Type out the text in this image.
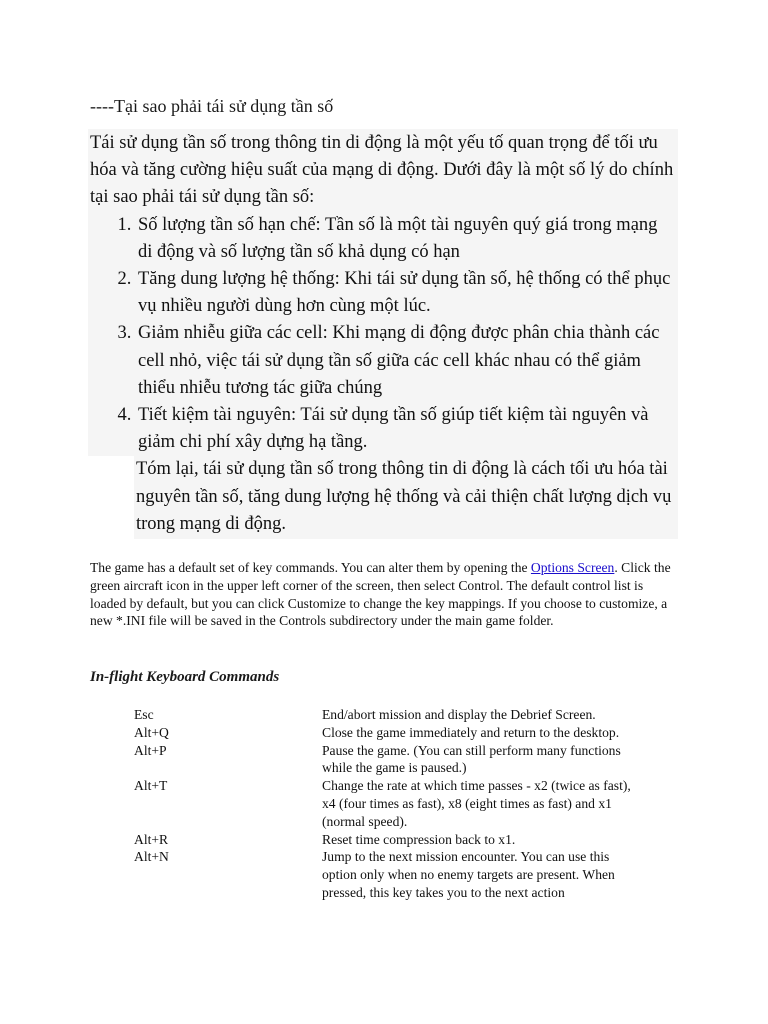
----Tại sao phải tái sử dụng tần số

Tái sử dụng tần số trong thông tin di động là một yếu tố quan trọng để tối ưu hóa và tăng cường hiệu suất của mạng di động. Dưới đây là một số lý do chính tại sao phải tái sử dụng tần số:

1. Số lượng tần số hạn chế: Tần số là một tài nguyên quý giá trong mạng di động và số lượng tần số khả dụng có hạn
2. Tăng dung lượng hệ thống: Khi tái sử dụng tần số, hệ thống có thể phục vụ nhiều người dùng hơn cùng một lúc.
3. Giảm nhiễu giữa các cell: Khi mạng di động được phân chia thành các cell nhỏ, việc tái sử dụng tần số giữa các cell khác nhau có thể giảm thiểu nhiễu tương tác giữa chúng
4. Tiết kiệm tài nguyên: Tái sử dụng tần số giúp tiết kiệm tài nguyên và giảm chi phí xây dựng hạ tầng.

Tóm lại, tái sử dụng tần số trong thông tin di động là cách tối ưu hóa tài nguyên tần số, tăng dung lượng hệ thống và cải thiện chất lượng dịch vụ trong mạng di động.

The game has a default set of key commands. You can alter them by opening the Options Screen. Click the green aircraft icon in the upper left corner of the screen, then select Control. The default control list is loaded by default, but you can click Customize to change the key mappings. If you choose to customize, a new *.INI file will be saved in the Controls subdirectory under the main game folder.
In-flight Keyboard Commands
Esc	End/abort mission and display the Debrief Screen.
Alt+Q	Close the game immediately and return to the desktop.
Alt+P	Pause the game. (You can still perform many functions while the game is paused.)
Alt+T	Change the rate at which time passes - x2 (twice as fast), x4 (four times as fast), x8 (eight times as fast) and x1 (normal speed).
Alt+R	Reset time compression back to x1.
Alt+N	Jump to the next mission encounter. You can use this option only when no enemy targets are present. When pressed, this key takes you to the next action
